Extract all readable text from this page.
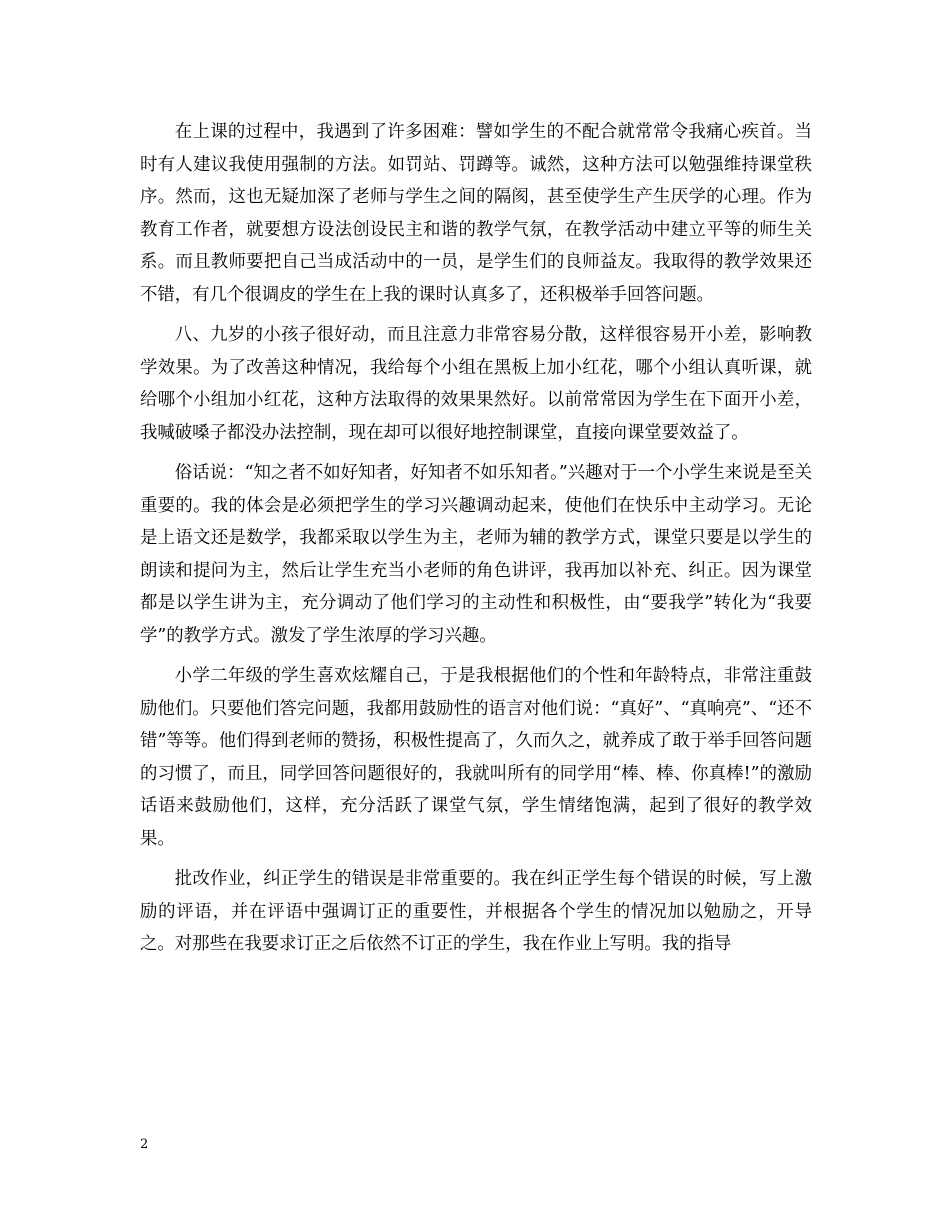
在上课的过程中，我遇到了许多困难：譬如学生的不配合就常常令我痛心疾首。当时有人建议我使用强制的方法。如罚站、罚蹲等。诚然，这种方法可以勉强维持课堂秩序。然而，这也无疑加深了老师与学生之间的隔阂，甚至使学生产生厌学的心理。作为教育工作者，就要想方设法创设民主和谐的教学气氛，在教学活动中建立平等的师生关系。而且教师要把自己当成活动中的一员，是学生们的良师益友。我取得的教学效果还不错，有几个很调皮的学生在上我的课时认真多了，还积极举手回答问题。

八、九岁的小孩子很好动，而且注意力非常容易分散，这样很容易开小差，影响教学效果。为了改善这种情况，我给每个小组在黑板上加小红花，哪个小组认真听课，就给哪个小组加小红花，这种方法取得的效果果然好。以前常常因为学生在下面开小差，我喊破嗓子都没办法控制，现在却可以很好地控制课堂，直接向课堂要效益了。

俗话说：“知之者不如好知者，好知者不如乐知者。”兴趣对于一个小学生来说是至关重要的。我的体会是必须把学生的学习兴趣调动起来，使他们在快乐中主动学习。无论是上语文还是数学，我都采取以学生为主，老师为辅的教学方式，课堂只要是以学生的朗读和提问为主，然后让学生充当小老师的角色讲评，我再加以补充、纠正。因为课堂都是以学生讲为主，充分调动了他们学习的主动性和积极性，由“要我学”转化为“我要学”的教学方式。激发了学生浓厚的学习兴趣。

小学二年级的学生喜欢炫耀自己，于是我根据他们的个性和年龄特点，非常注重鼓励他们。只要他们答完问题，我都用鼓励性的语言对他们说：“真好”、“真响亮”、“还不错”等等。他们得到老师的赞扬，积极性提高了，久而久之，就养成了敢于举手回答问题的习惯了，而且，同学回答问题很好的，我就叫所有的同学用“棒、棒、你真棒!”的激励话语来鼓励他们，这样，充分活跃了课堂气氛，学生情绪饱满，起到了很好的教学效果。

批改作业，纠正学生的错误是非常重要的。我在纠正学生每个错误的时候，写上激励的评语，并在评语中强调订正的重要性，并根据各个学生的情况加以勉励之，开导之。对那些在我要求订正之后依然不订正的学生，我在作业上写明。我的指导

2
